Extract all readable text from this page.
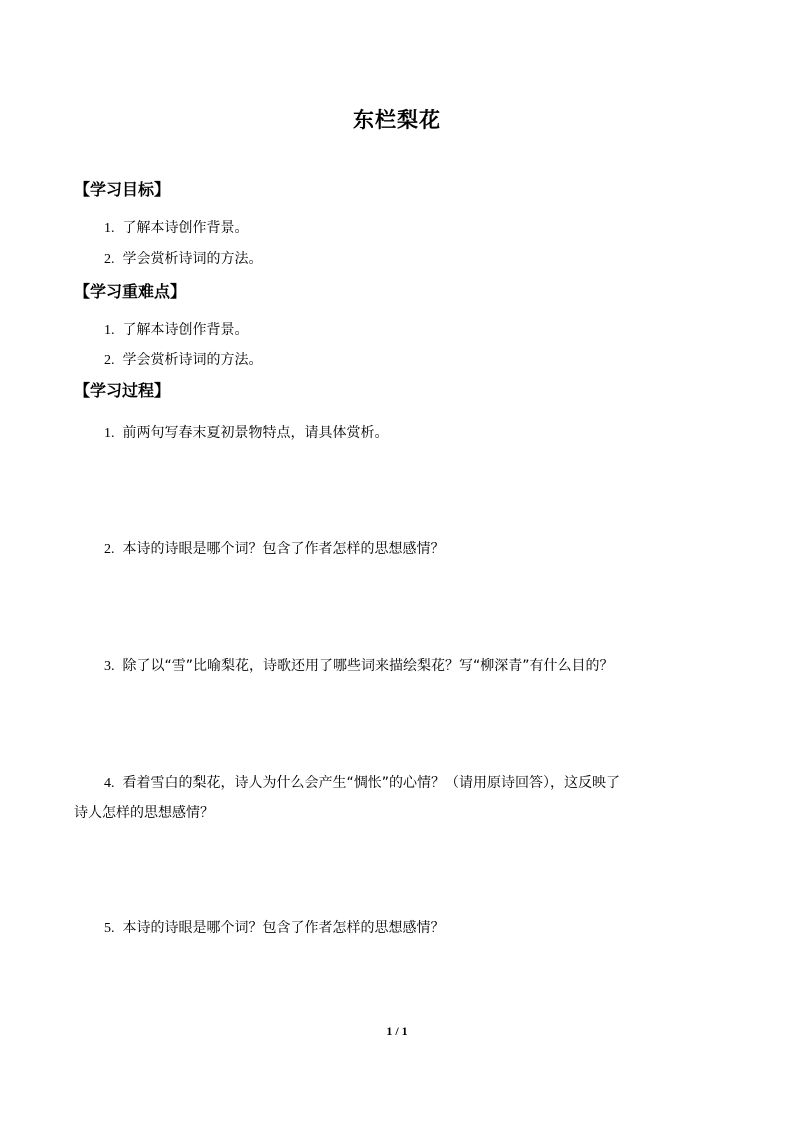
东栏梨花
【学习目标】
1. 了解本诗创作背景。
2. 学会赏析诗词的方法。
【学习重难点】
1. 了解本诗创作背景。
2. 学会赏析诗词的方法。
【学习过程】
1. 前两句写春末夏初景物特点，请具体赏析。
2. 本诗的诗眼是哪个词？包含了作者怎样的思想感情？
3. 除了以“雪”比喻梨花，诗歌还用了哪些词来描绘梨花？写“柳深青”有什么目的？
4. 看着雪白的梨花，诗人为什么会产生“惆怅”的心情？（请用原诗回答），这反映了
诗人怎样的思想感情？
5. 本诗的诗眼是哪个词？包含了作者怎样的思想感情？
1 / 1
